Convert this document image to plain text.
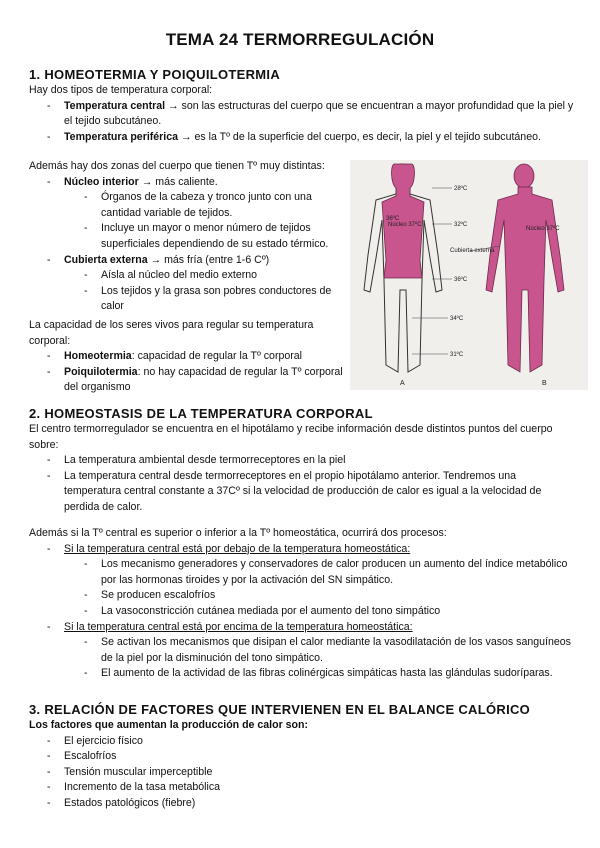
TEMA 24 TERMORREGULACIÓN
1. HOMEOTERMIA Y POIQUILOTERMIA
Hay dos tipos de temperatura corporal:
- Temperatura central → son las estructuras del cuerpo que se encuentran a mayor profundidad que la piel y el tejido subcutáneo.
- Temperatura periférica → es la Tº de la superficie del cuerpo, es decir, la piel y el tejido subcutáneo.
Además hay dos zonas del cuerpo que tienen Tº muy distintas:
- Núcleo interior → más caliente.
- Órganos de la cabeza y tronco junto con una cantidad variable de tejidos.
- Incluye un mayor o menor número de tejidos superficiales dependiendo de su estado térmico.
- Cubierta externa → más fría (entre 1-6 Cº)
- Aísla al núcleo del medio externo
- Los tejidos y la grasa son pobres conductores de calor
La capacidad de los seres vivos para regular su temperatura corporal:
- Homeotermia: capacidad de regular la Tº corporal
- Poiquilotermia: no hay capacidad de regular la Tº corporal del organismo
Núcleo 37ºC
36ºC
A
Núcleo 37ºC
Cubierta externa
B
28ºC
32ºC
36ºC
34ºC
31ºC
2. HOMEOSTASIS DE LA TEMPERATURA CORPORAL
El centro termorregulador se encuentra en el hipotálamo y recibe información desde distintos puntos del cuerpo sobre:
- La temperatura ambiental desde termorreceptores en la piel
- La temperatura central desde termorreceptores en el propio hipotálamo anterior. Tendremos una temperatura central constante a 37Cº si la velocidad de producción de calor es igual a la velocidad de perdida de calor.
Además si la Tº central es superior o inferior a la Tº homeostática, ocurrirá dos procesos:
- Si la temperatura central está por debajo de la temperatura homeostática:
- Los mecanismo generadores y conservadores de calor producen un aumento del índice metabólico por las hormonas tiroides y por la activación del SN simpático.
- Se producen escalofríos
- La vasoconstricción cutánea mediada por el aumento del tono simpático
- Si la temperatura central está por encima de la temperatura homeostática:
- Se activan los mecanismos que disipan el calor mediante la vasodilatación de los vasos sanguíneos de la piel por la disminución del tono simpático.
- El aumento de la actividad de las fibras colinérgicas simpáticas hasta las glándulas sudoríparas.
3. RELACIÓN DE FACTORES QUE INTERVIENEN EN EL BALANCE CALÓRICO
Los factores que aumentan la producción de calor son:
- El ejercicio físico
- Escalofríos
- Tensión muscular imperceptible
- Incremento de la tasa metabólica
- Estados patológicos (fiebre)
